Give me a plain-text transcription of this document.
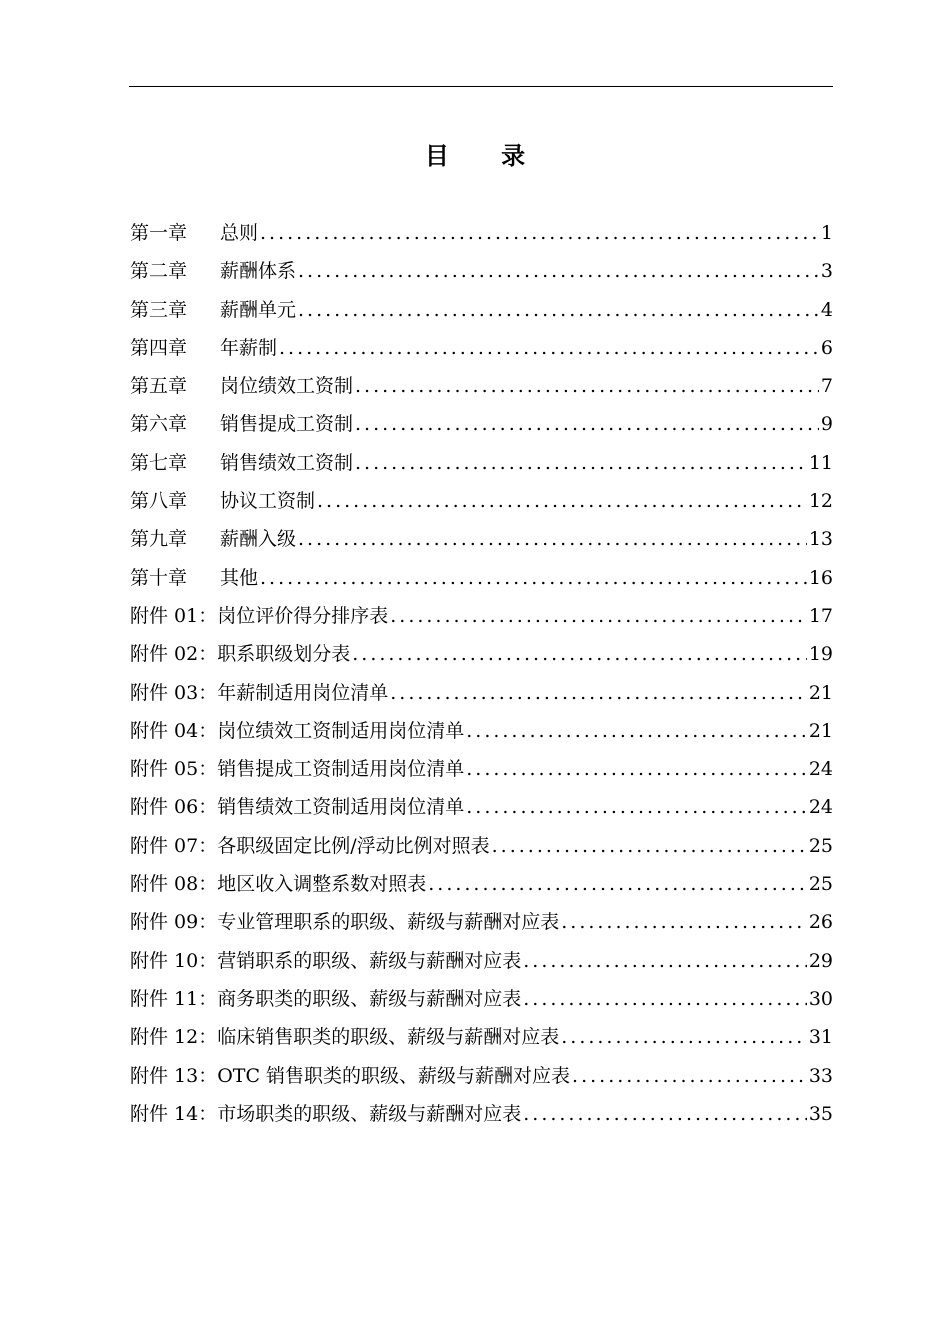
目 录
第一章	总则 .....	1
第二章	薪酬体系 .....	3
第三章	薪酬单元 .....	4
第四章	年薪制 .....	6
第五章	岗位绩效工资制 .....	7
第六章	销售提成工资制 .....	9
第七章	销售绩效工资制 .....	11
第八章	协议工资制 .....	12
第九章	薪酬入级 .....	13
第十章	其他 .....	16
附件 01： 岗位评价得分排序表 .....	17
附件 02： 职系职级划分表 .....	19
附件 03： 年薪制适用岗位清单 .....	21
附件 04： 岗位绩效工资制适用岗位清单 .....	21
附件 05： 销售提成工资制适用岗位清单 .....	24
附件 06： 销售绩效工资制适用岗位清单 .....	24
附件 07： 各职级固定比例/浮动比例对照表 .....	25
附件 08： 地区收入调整系数对照表 .....	25
附件 09： 专业管理职系的职级、薪级与薪酬对应表 .....	26
附件 10： 营销职系的职级、薪级与薪酬对应表 .....	29
附件 11： 商务职类的职级、薪级与薪酬对应表 .....	30
附件 12： 临床销售职类的职级、薪级与薪酬对应表 .....	31
附件 13： OTC 销售职类的职级、薪级与薪酬对应表 .....	33
附件 14： 市场职类的职级、薪级与薪酬对应表 .....	35
